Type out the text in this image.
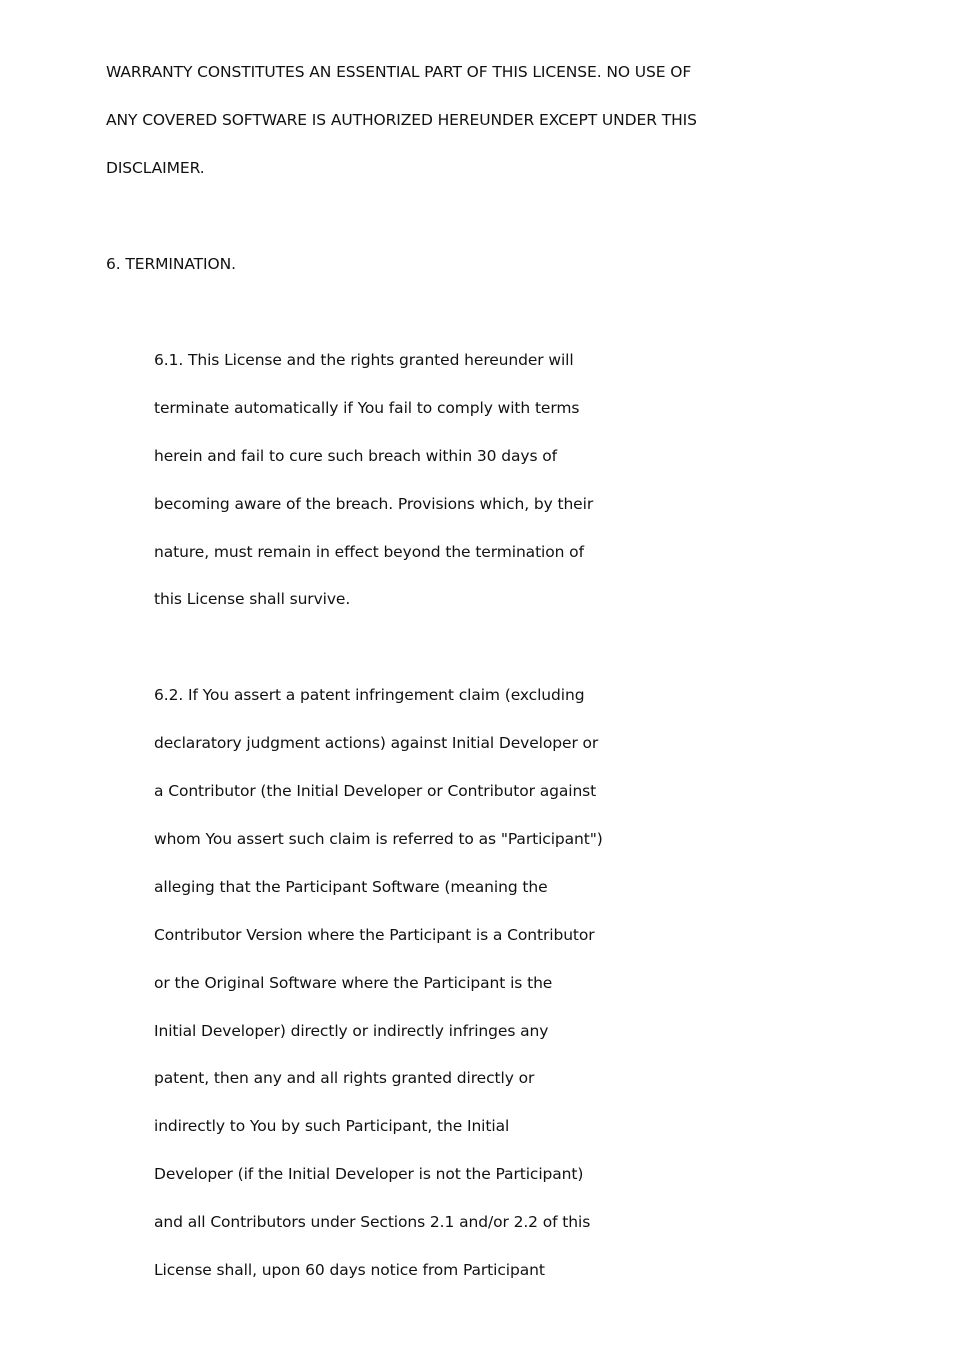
WARRANTY CONSTITUTES AN ESSENTIAL PART OF THIS LICENSE. NO USE OF
ANY COVERED SOFTWARE IS AUTHORIZED HEREUNDER EXCEPT UNDER THIS
DISCLAIMER.
6. TERMINATION.
6.1. This License and the rights granted hereunder will
terminate automatically if You fail to comply with terms
herein and fail to cure such breach within 30 days of
becoming aware of the breach. Provisions which, by their
nature, must remain in effect beyond the termination of
this License shall survive.
6.2. If You assert a patent infringement claim (excluding
declaratory judgment actions) against Initial Developer or
a Contributor (the Initial Developer or Contributor against
whom You assert such claim is referred to as "Participant")
alleging that the Participant Software (meaning the
Contributor Version where the Participant is a Contributor
or the Original Software where the Participant is the
Initial Developer) directly or indirectly infringes any
patent, then any and all rights granted directly or
indirectly to You by such Participant, the Initial
Developer (if the Initial Developer is not the Participant)
and all Contributors under Sections 2.1 and/or 2.2 of this
License shall, upon 60 days notice from Participant
